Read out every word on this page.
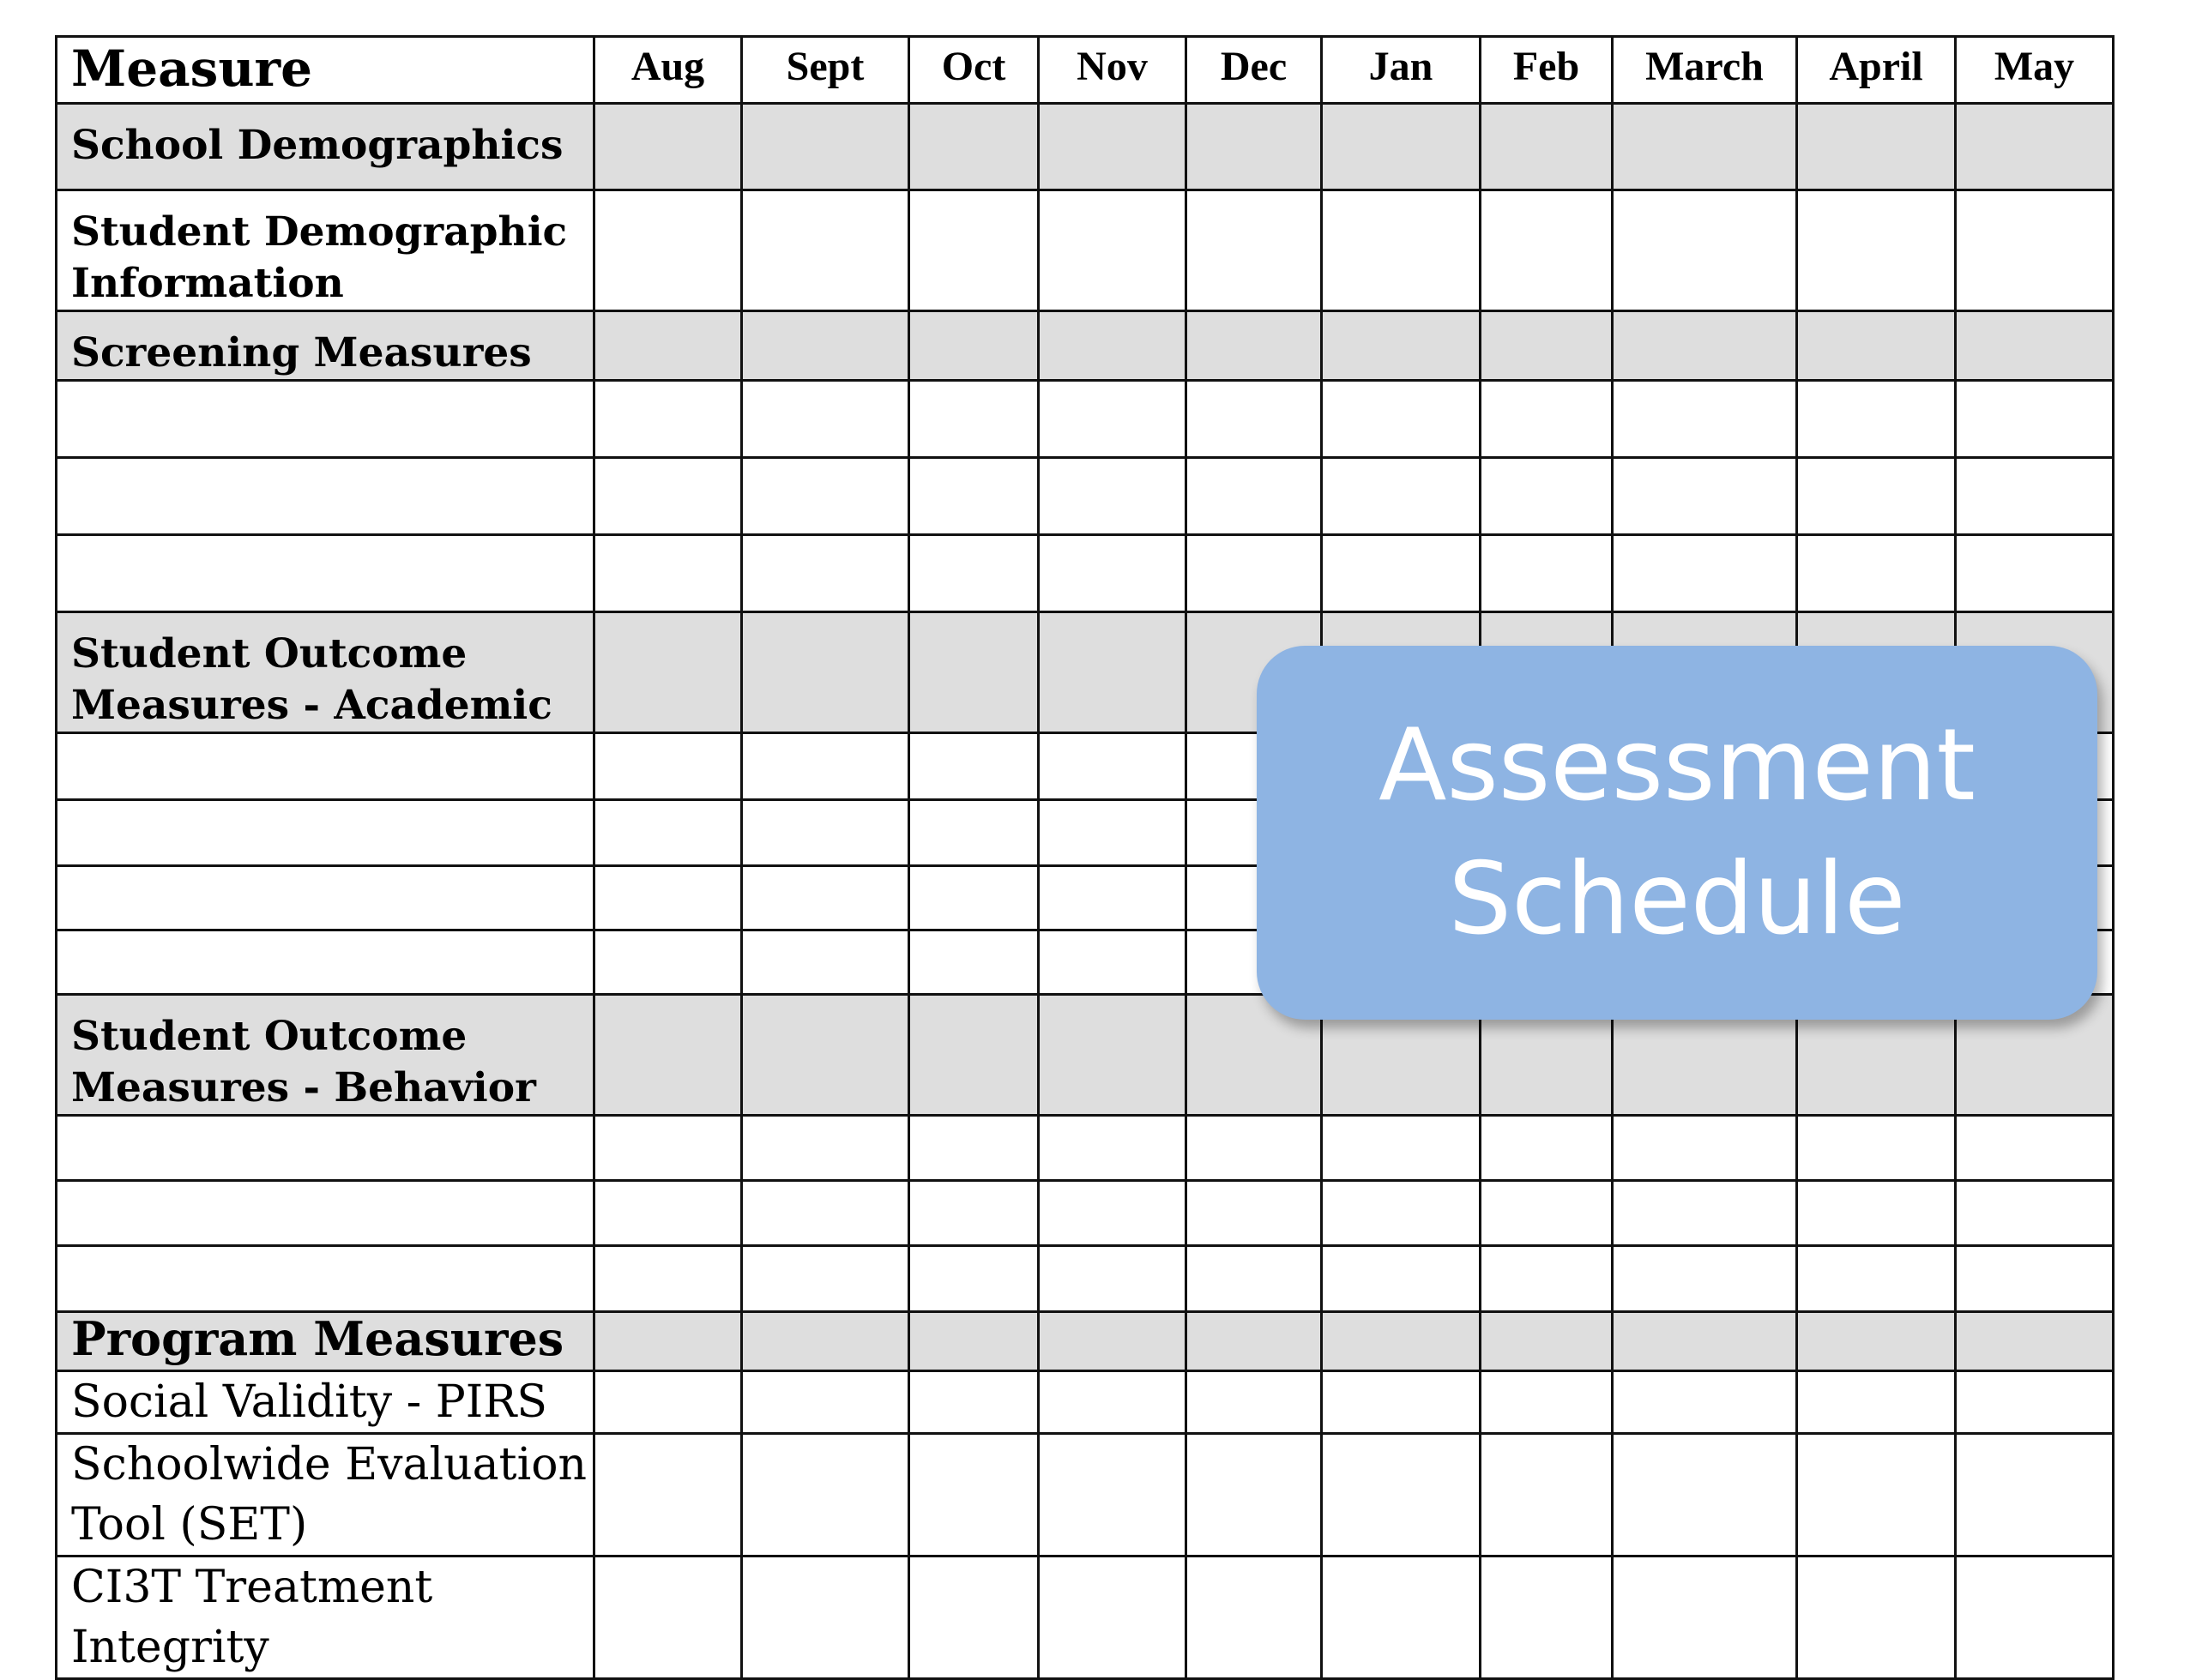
Measure	Aug	Sept	Oct	Nov	Dec	Jan	Feb	March	April	May

School Demographics										

Student Demographic
Information										

Screening Measures										

Student Outcome
Measures - Academic										

Student Outcome
Measures - Behavior										

Program Measures										

Social Validity - PIRS										

Schoolwide Evaluation
Tool (SET)										

CI3T Treatment
Integrity										

Assessment
Schedule
